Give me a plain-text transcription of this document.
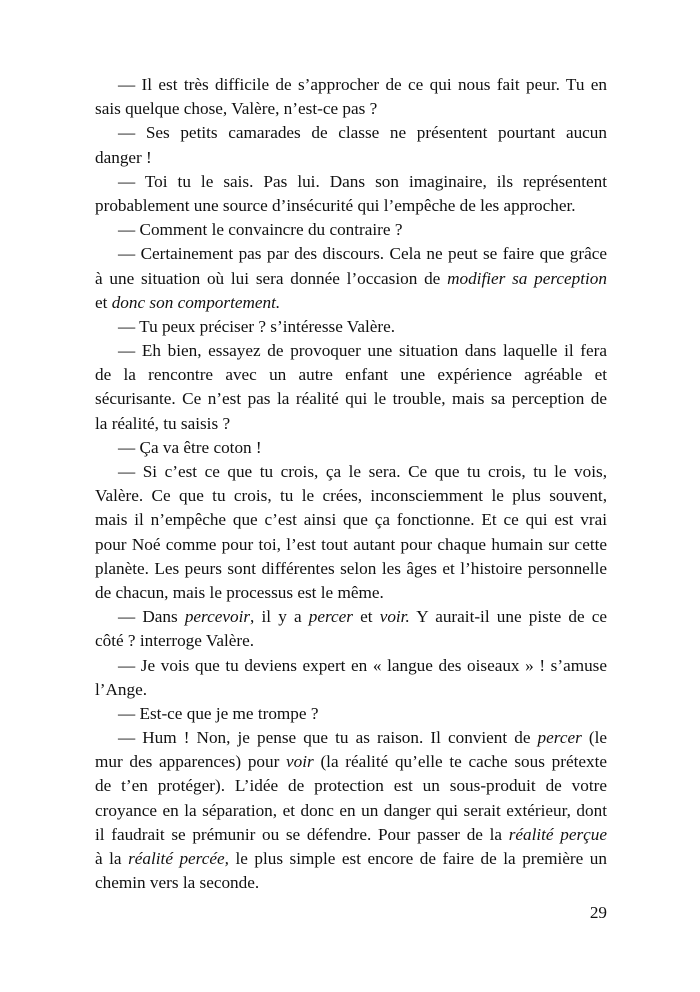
— Il est très difficile de s’approcher de ce qui nous fait peur. Tu en
sais quelque chose, Valère, n’est-ce pas ?
— Ses petits camarades de classe ne présentent pourtant aucun
danger !
— Toi tu le sais. Pas lui. Dans son imaginaire, ils représentent
probablement une source d’insécurité qui l’empêche de les approcher.
— Comment le convaincre du contraire ?
— Certainement pas par des discours. Cela ne peut se faire que grâce
à une situation où lui sera donnée l’occasion de modifier sa perception
et donc son comportement.
— Tu peux préciser ? s’intéresse Valère.
— Eh bien, essayez de provoquer une situation dans laquelle il fera
de la rencontre avec un autre enfant une expérience agréable et
sécurisante. Ce n’est pas la réalité qui le trouble, mais sa perception de
la réalité, tu saisis ?
— Ça va être coton !
— Si c’est ce que tu crois, ça le sera. Ce que tu crois, tu le vois,
Valère. Ce que tu crois, tu le crées, inconsciemment le plus souvent,
mais il n’empêche que c’est ainsi que ça fonctionne. Et ce qui est vrai
pour Noé comme pour toi, l’est tout autant pour chaque humain sur cette
planète. Les peurs sont différentes selon les âges et l’histoire personnelle
de chacun, mais le processus est le même.
— Dans percevoir, il y a percer et voir. Y aurait-il une piste de ce
côté ? interroge Valère.
— Je vois que tu deviens expert en « langue des oiseaux » ! s’amuse
l’Ange.
— Est-ce que je me trompe ?
— Hum ! Non, je pense que tu as raison. Il convient de percer (le
mur des apparences) pour voir (la réalité qu’elle te cache sous prétexte
de t’en protéger). L’idée de protection est un sous-produit de votre
croyance en la séparation, et donc en un danger qui serait extérieur, dont
il faudrait se prémunir ou se défendre. Pour passer de la réalité perçue
à la réalité percée, le plus simple est encore de faire de la première un
chemin vers la seconde.
29
